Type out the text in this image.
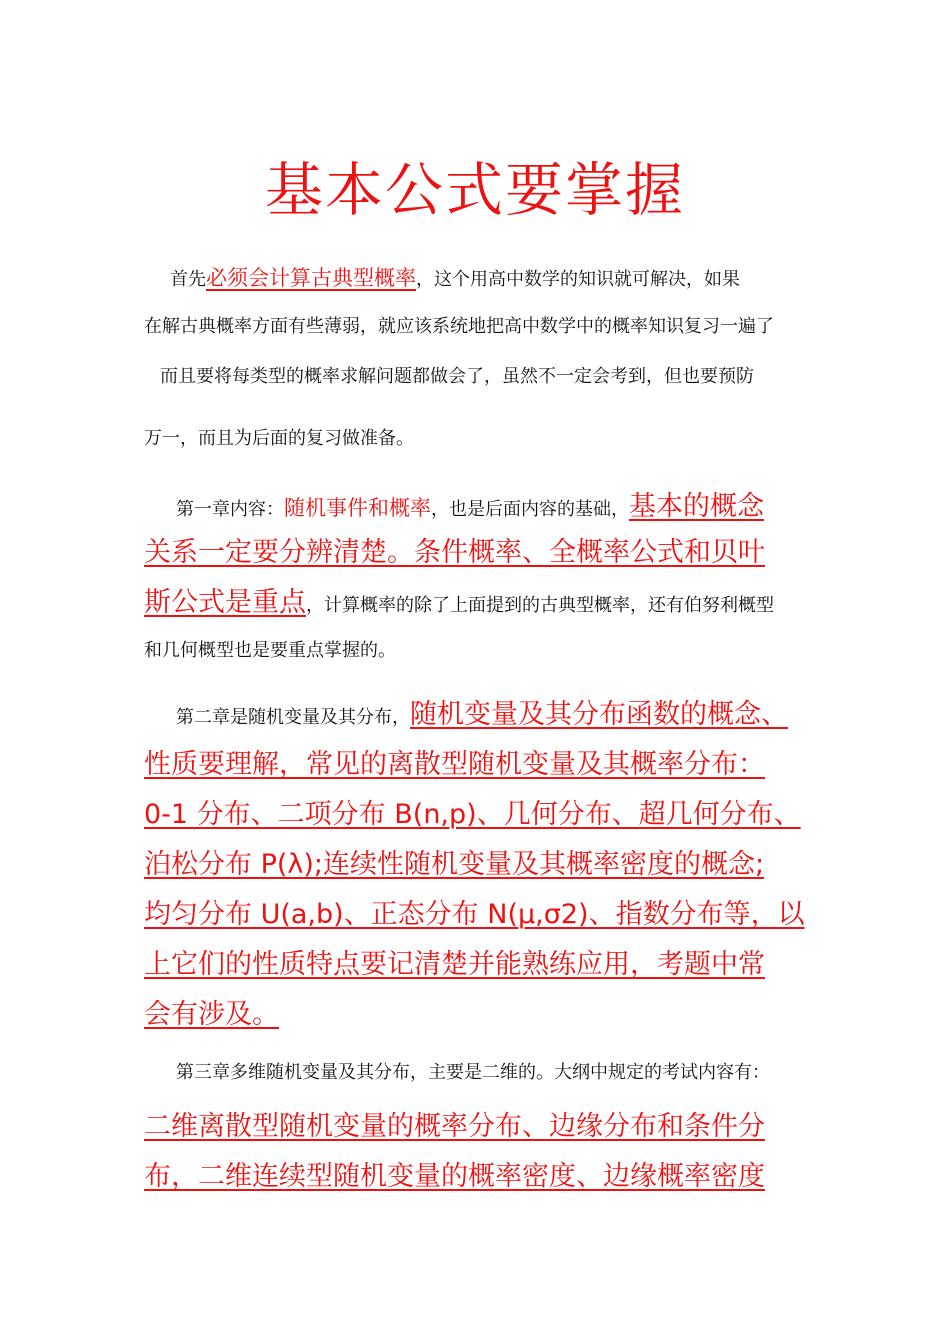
基本公式要掌握
首先必须会计算古典型概率，这个用高中数学的知识就可解决，如果
在解古典概率方面有些薄弱，就应该系统地把高中数学中的概率知识复习一遍了
而且要将每类型的概率求解问题都做会了，虽然不一定会考到，但也要预防
万一，而且为后面的复习做准备。
第一章内容：随机事件和概率，也是后面内容的基础，基本的概念
关系一定要分辨清楚。条件概率、全概率公式和贝叶
斯公式是重点，计算概率的除了上面提到的古典型概率，还有伯努利概型
和几何概型也是要重点掌握的。
第二章是随机变量及其分布，随机变量及其分布函数的概念、
性质要理解，常见的离散型随机变量及其概率分布：
0-1 分布、二项分布 B(n,p)、几何分布、超几何分布、
泊松分布 P(λ);连续性随机变量及其概率密度的概念;
均匀分布 U(a,b)、正态分布 N(μ,σ2)、指数分布等，以
上它们的性质特点要记清楚并能熟练应用，考题中常
会有涉及。
第三章多维随机变量及其分布，主要是二维的。大纲中规定的考试内容有：
二维离散型随机变量的概率分布、边缘分布和条件分
布，二维连续型随机变量的概率密度、边缘概率密度
